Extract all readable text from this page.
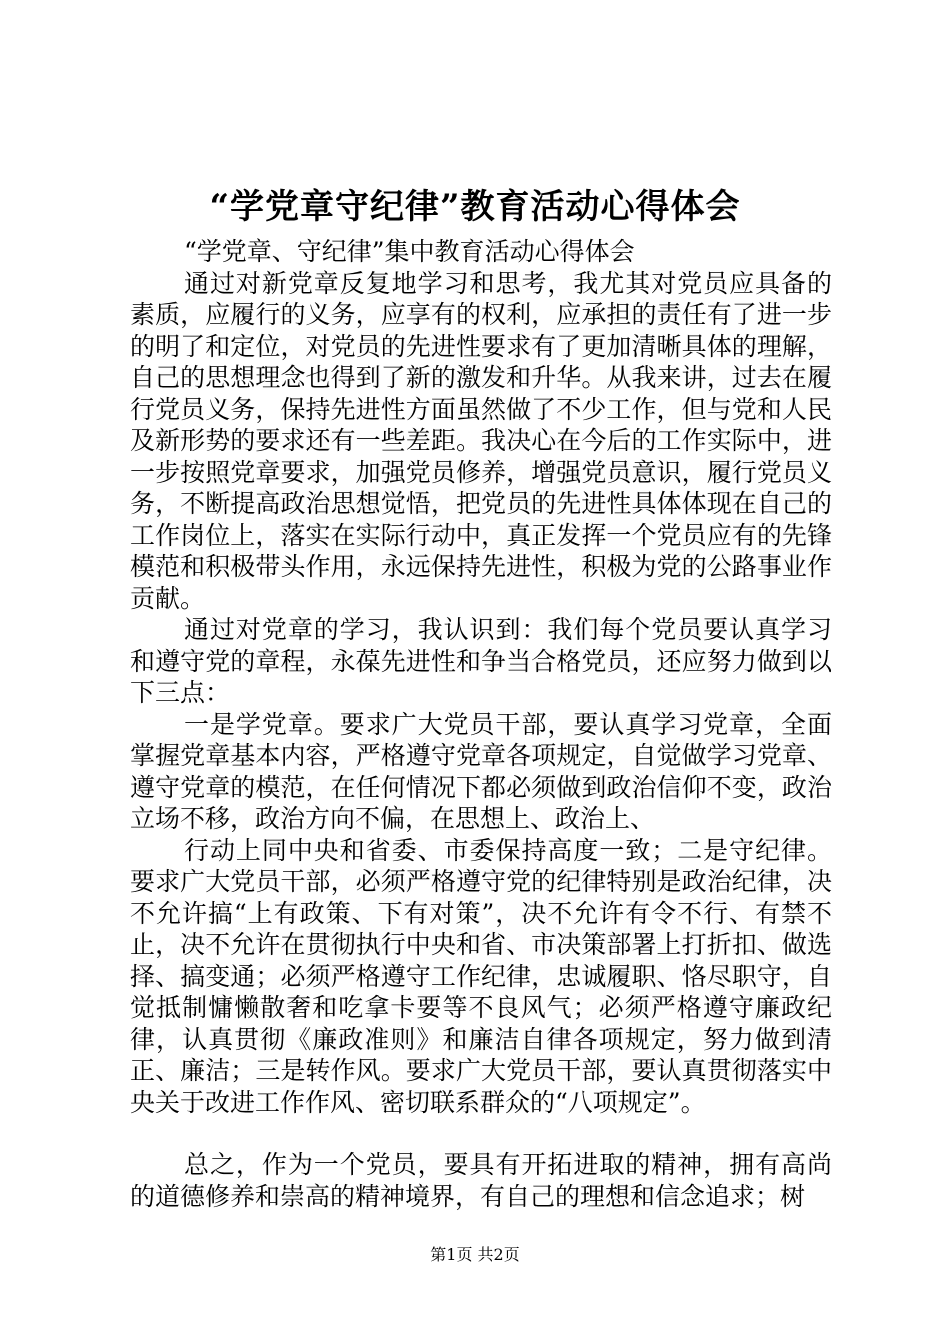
“学党章守纪律”教育活动心得体会

“学党章、守纪律”集中教育活动心得体会

通过对新党章反复地学习和思考，我尤其对党员应具备的素质，应履行的义务，应享有的权利，应承担的责任有了进一步的明了和定位，对党员的先进性要求有了更加清晰具体的理解，自己的思想理念也得到了新的激发和升华。从我来讲，过去在履行党员义务，保持先进性方面虽然做了不少工作，但与党和人民及新形势的要求还有一些差距。我决心在今后的工作实际中，进一步按照党章要求，加强党员修养，增强党员意识，履行党员义务，不断提高政治思想觉悟，把党员的先进性具体体现在自己的工作岗位上，落实在实际行动中，真正发挥一个党员应有的先锋模范和积极带头作用，永远保持先进性，积极为党的公路事业作贡献。

通过对党章的学习，我认识到：我们每个党员要认真学习和遵守党的章程，永葆先进性和争当合格党员，还应努力做到以下三点：

一是学党章。要求广大党员干部，要认真学习党章，全面掌握党章基本内容，严格遵守党章各项规定，自觉做学习党章、遵守党章的模范，在任何情况下都必须做到政治信仰不变，政治立场不移，政治方向不偏，在思想上、政治上、

行动上同中央和省委、市委保持高度一致；二是守纪律。要求广大党员干部，必须严格遵守党的纪律特别是政治纪律，决不允许搞“上有政策、下有对策”，决不允许有令不行、有禁不止，决不允许在贯彻执行中央和省、市决策部署上打折扣、做选择、搞变通；必须严格遵守工作纪律，忠诚履职、恪尽职守，自觉抵制慵懒散奢和吃拿卡要等不良风气；必须严格遵守廉政纪律，认真贯彻《廉政准则》和廉洁自律各项规定，努力做到清正、廉洁；三是转作风。要求广大党员干部，要认真贯彻落实中央关于改进工作作风、密切联系群众的“八项规定”。

总之，作为一个党员，要具有开拓进取的精神，拥有高尚的道德修养和崇高的精神境界，有自己的理想和信念追求；树

第1页 共2页
